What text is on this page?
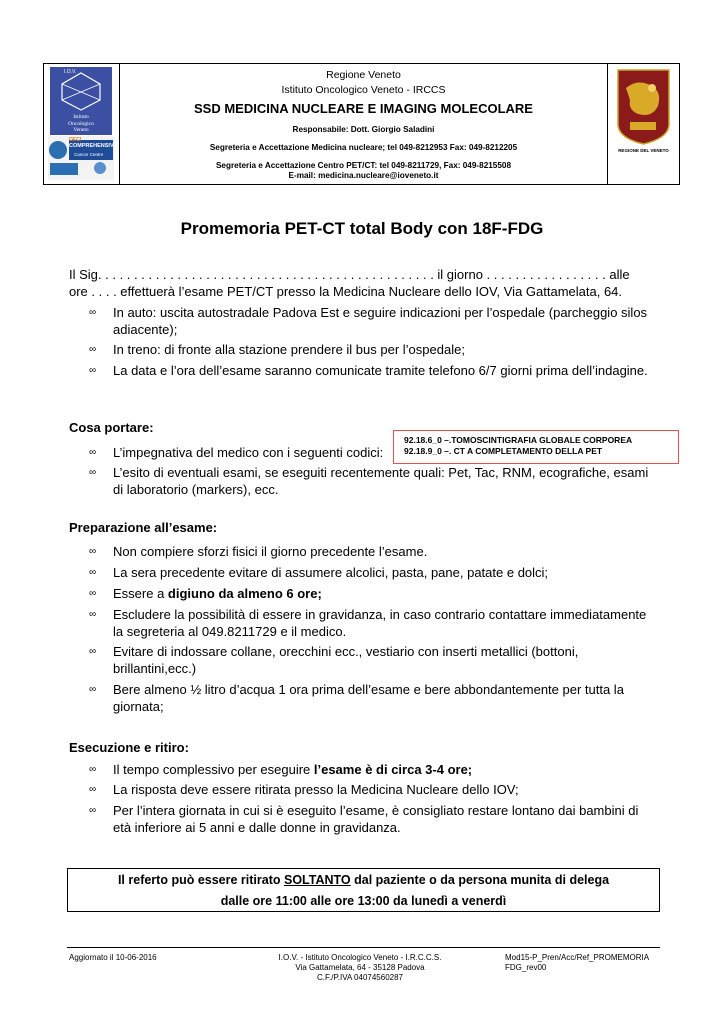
I.O.V.
Istituto
Oncologico
Veneto
OECI
COMPREHENSIVE
Cancer Centre
Regione Veneto
Istituto Oncologico Veneto - IRCCS
SSD MEDICINA NUCLEARE E IMAGING MOLECOLARE
Responsabile: Dott. Giorgio Saladini
Segreteria e Accettazione Medicina nucleare; tel 049-8212953 Fax: 049-8212205
Segreteria e Accettazione Centro PET/CT: tel 049-8211729, Fax: 049-8215508
E-mail: medicina.nucleare@ioveneto.it
REGIONE DEL VENETO
Promemoria PET-CT total Body con 18F-FDG
Il Sig. . . . . . . . . . . . . . . . . . . . . . . . . . . . . . . . . . . . . . . . . . . . . . . il giorno . . . . . . . . . . . . . . . . . alle
ore . . . . effettuerà l’esame PET/CT presso la Medicina Nucleare dello IOV, Via Gattamelata, 64.
∞ In auto: uscita autostradale Padova Est e seguire indicazioni per l’ospedale (parcheggio silos adiacente);
∞ In treno: di fronte alla stazione prendere il bus per l’ospedale;
∞ La data e l’ora dell’esame saranno comunicate tramite telefono 6/7 giorni prima dell’indagine.
Cosa portare:
∞ L’impegnativa del medico con i seguenti codici:
∞ L’esito di eventuali esami, se eseguiti recentemente quali: Pet, Tac, RNM, ecografiche, esami di laboratorio (markers), ecc.
92.18.6_0 –.TOMOSCINTIGRAFIA GLOBALE CORPOREA
92.18.9_0 –. CT A COMPLETAMENTO DELLA PET
Preparazione all’esame:
∞ Non compiere sforzi fisici il giorno precedente l’esame.
∞ La sera precedente evitare di assumere alcolici, pasta, pane, patate e dolci;
∞ Essere a digiuno da almeno 6 ore;
∞ Escludere la possibilità di essere in gravidanza, in caso contrario contattare immediatamente la segreteria al 049.8211729 e il medico.
∞ Evitare di indossare collane, orecchini ecc., vestiario con inserti metallici (bottoni, brillantini,ecc.)
∞ Bere almeno ½ litro d’acqua 1 ora prima dell’esame e bere abbondantemente per tutta la giornata;
Esecuzione e ritiro:
∞ Il tempo complessivo per eseguire l’esame è di circa 3-4 ore;
∞ La risposta deve essere ritirata presso la Medicina Nucleare dello IOV;
∞ Per l’intera giornata in cui si è eseguito l’esame, è consigliato restare lontano dai bambini di età inferiore ai 5 anni e dalle donne in gravidanza.
Il referto può essere ritirato SOLTANTO dal paziente o da persona munita di delega
dalle ore 11:00 alle ore 13:00 da lunedì a venerdì
Aggiornato il 10-06-2016	I.O.V. - Istituto Oncologico Veneto - I.R.C.C.S.
Via Gattamelata, 64 - 35128 Padova
C.F./P.IVA 04074560287
Mod15-P_Pren/Acc/Ref_PROMEMORIA
FDG_rev00
